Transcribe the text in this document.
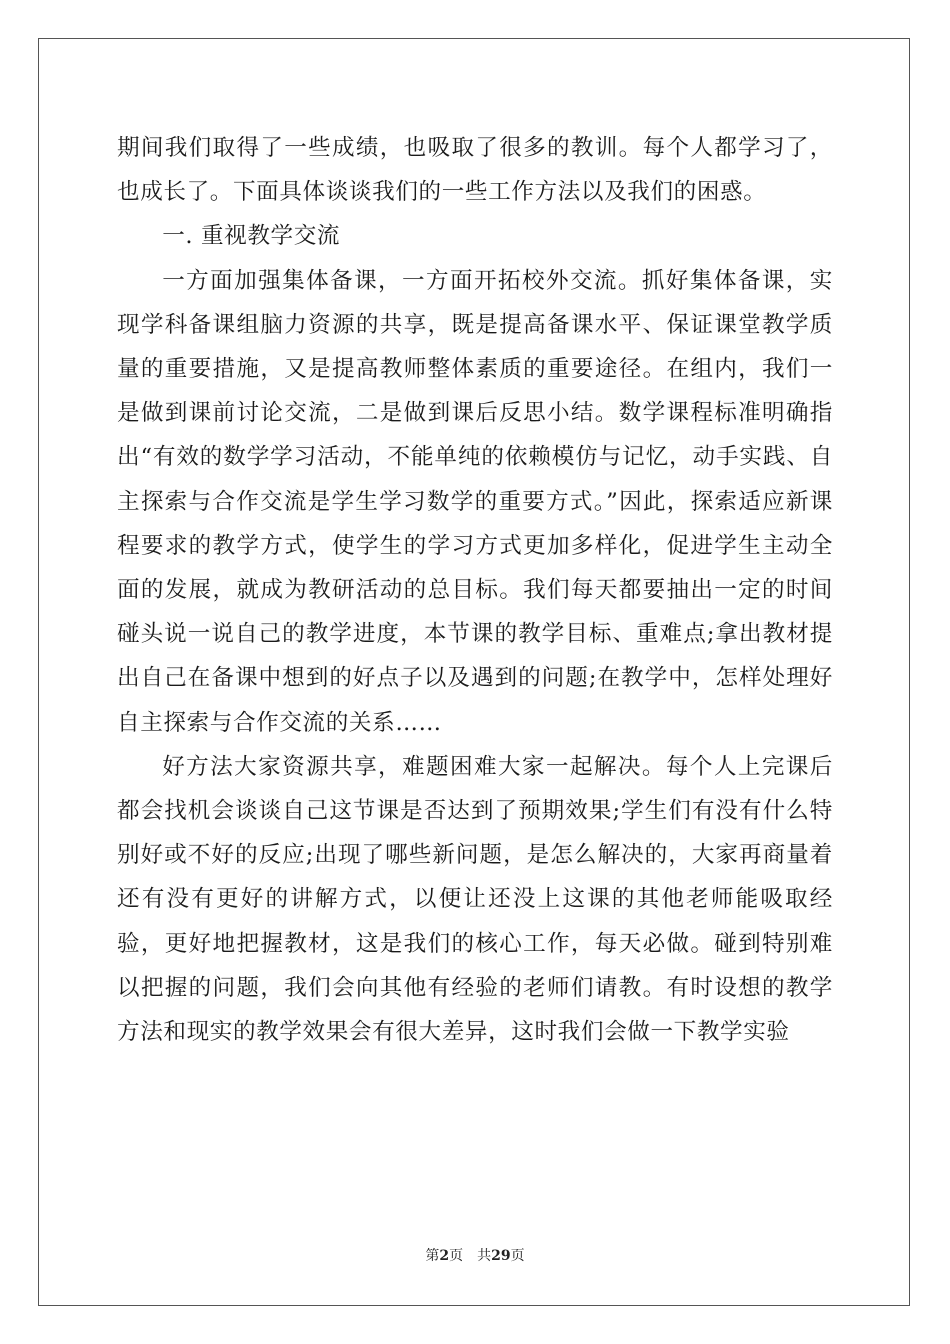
期间我们取得了一些成绩，也吸取了很多的教训。每个人都学习了，也成长了。下面具体谈谈我们的一些工作方法以及我们的困惑。

一. 重视教学交流

一方面加强集体备课，一方面开拓校外交流。抓好集体备课，实现学科备课组脑力资源的共享，既是提高备课水平、保证课堂教学质量的重要措施，又是提高教师整体素质的重要途径。在组内，我们一是做到课前讨论交流，二是做到课后反思小结。数学课程标准明确指出“有效的数学学习活动，不能单纯的依赖模仿与记忆，动手实践、自主探索与合作交流是学生学习数学的重要方式。”因此，探索适应新课程要求的教学方式，使学生的学习方式更加多样化，促进学生主动全面的发展，就成为教研活动的总目标。我们每天都要抽出一定的时间碰头说一说自己的教学进度，本节课的教学目标、重难点;拿出教材提出自己在备课中想到的好点子以及遇到的问题;在教学中，怎样处理好自主探索与合作交流的关系……

好方法大家资源共享，难题困难大家一起解决。每个人上完课后都会找机会谈谈自己这节课是否达到了预期效果;学生们有没有什么特别好或不好的反应;出现了哪些新问题，是怎么解决的，大家再商量着还有没有更好的讲解方式，以便让还没上这课的其他老师能吸取经验，更好地把握教材，这是我们的核心工作，每天必做。碰到特别难以把握的问题，我们会向其他有经验的老师们请教。有时设想的教学方法和现实的教学效果会有很大差异，这时我们会做一下教学实验

第2页 共29页
